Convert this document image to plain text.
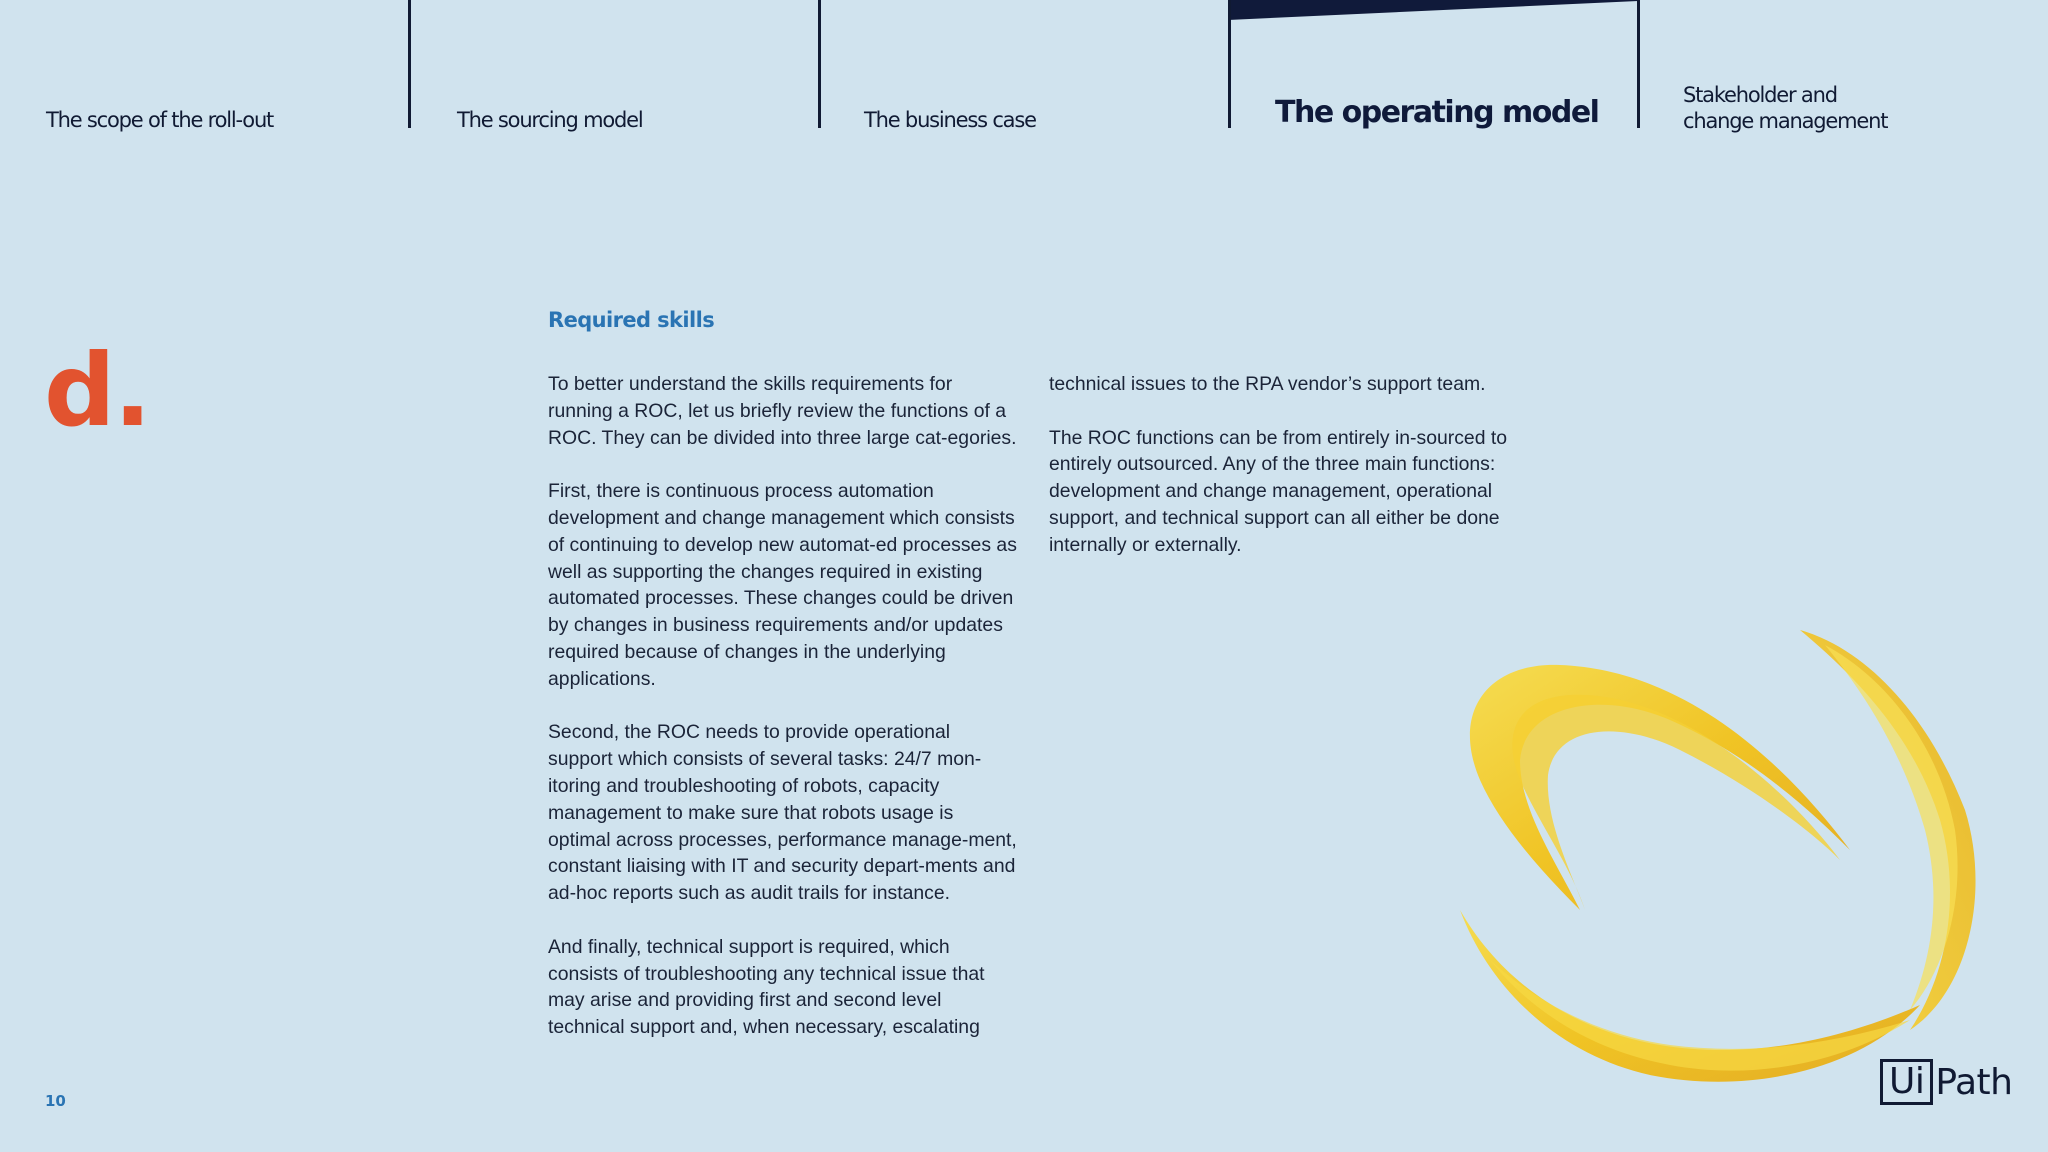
The scope of the roll-out	The sourcing model	The business case	The operating model	Stakeholder and
change management
d.
Required skills

To better understand the skills requirements for running a ROC, let us briefly review the functions of a ROC. They can be divided into three large cat-egories.

First, there is continuous process automation development and change management which consists of continuing to develop new automat-ed processes as well as supporting the changes required in existing automated processes. These changes could be driven by changes in business requirements and/or updates required because of changes in the underlying applications.

Second, the ROC needs to provide operational support which consists of several tasks: 24/7 mon-itoring and troubleshooting of robots, capacity management to make sure that robots usage is optimal across processes, performance manage-ment, constant liaising with IT and security depart-ments and ad-hoc reports such as audit trails for instance.

And finally, technical support is required, which consists of troubleshooting any technical issue that may arise and providing first and second level technical support and, when necessary, escalating

technical issues to the RPA vendor’s support team.

The ROC functions can be from entirely in-sourced to entirely outsourced. Any of the three main functions: development and change management, operational support, and technical support can all either be done internally or externally.

10	Ui Path
